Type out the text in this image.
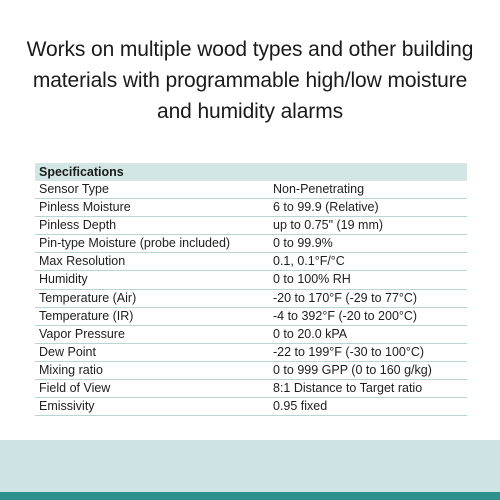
Works on multiple wood types and other building materials with programmable high/low moisture and humidity alarms
Specifications
Sensor Type	Non-Penetrating
Pinless Moisture	6 to 99.9 (Relative)
Pinless Depth	up to 0.75" (19 mm)
Pin-type Moisture (probe included)	0 to 99.9%
Max Resolution	0.1, 0.1°F/°C
Humidity	0 to 100% RH
Temperature (Air)	-20 to 170°F (-29 to 77°C)
Temperature (IR)	-4 to 392°F (-20 to 200°C)
Vapor Pressure	0 to 20.0 kPA
Dew Point	-22 to 199°F (-30 to 100°C)
Mixing ratio	0 to 999 GPP (0 to 160 g/kg)
Field of View	8:1 Distance to Target ratio
Emissivity	0.95 fixed
